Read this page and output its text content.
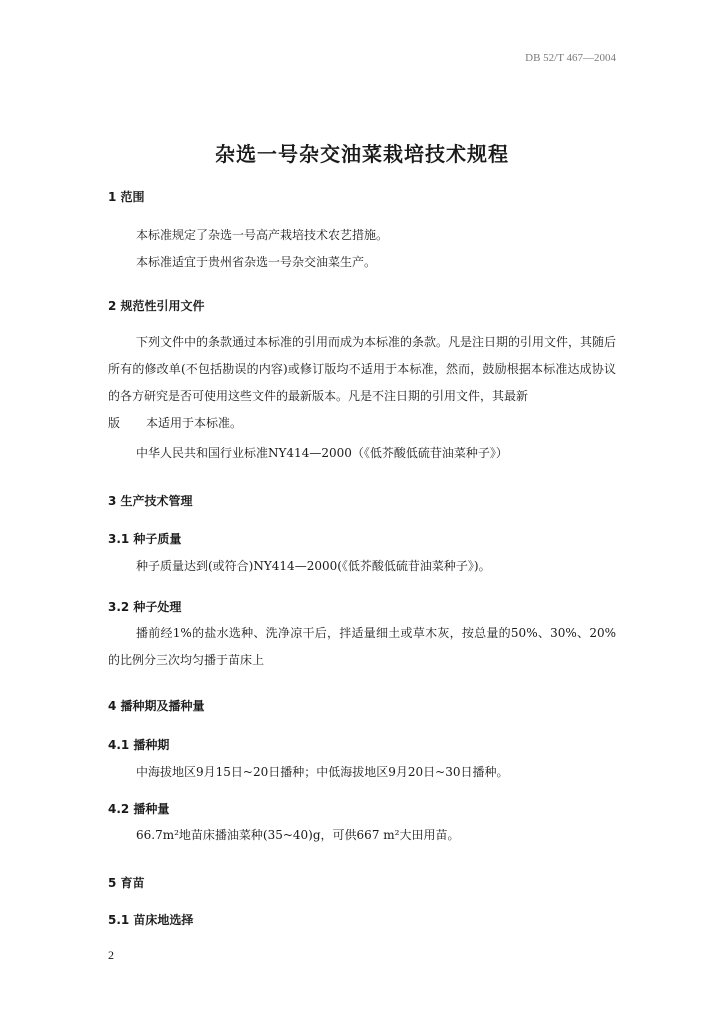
DB 52/T 467—2004
杂选一号杂交油菜栽培技术规程
1 范围
本标准规定了杂选一号高产栽培技术农艺措施。
本标准适宜于贵州省杂选一号杂交油菜生产。
2 规范性引用文件
下列文件中的条款通过本标准的引用而成为本标准的条款。凡是注日期的引用文件，其随后所有的修改单(不包括勘误的内容)或修订版均不适用于本标准，然而，鼓励根据本标准达成协议的各方研究是否可使用这些文件的最新版本。凡是不注日期的引用文件，其最新
版 本适用于本标准。
中华人民共和国行业标准NY414—2000（《低芥酸低硫苷油菜种子》）
3 生产技术管理
3.1 种子质量
种子质量达到(或符合)NY414—2000(《低芥酸低硫苷油菜种子》)。
3.2 种子处理
播前经1%的盐水选种、洗净凉干后，拌适量细土或草木灰，按总量的50%、30%、20%的比例分三次均匀播于苗床上
4 播种期及播种量
4.1 播种期
中海拔地区9月15日~20日播种；中低海拔地区9月20日~30日播种。
4.2 播种量
66.7m²地苗床播油菜种(35~40)g，可供667 m²大田用苗。
5 育苗
5.1 苗床地选择
2
